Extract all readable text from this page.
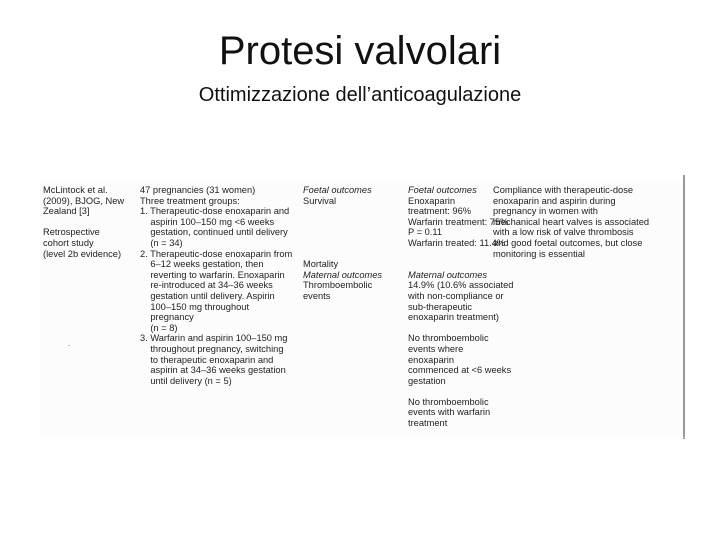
Protesi valvolari
Ottimizzazione dell’anticoagulazione
McLintock et al.
(2009), BJOG, New
Zealand [3]
Retrospective
cohort study
(level 2b evidence)
47 pregnancies (31 women)
Three treatment groups:
1. Therapeutic-dose enoxaparin and
aspirin 100–150 mg <6 weeks
gestation, continued until delivery
(n = 34)
2. Therapeutic-dose enoxaparin from
6–12 weeks gestation, then
reverting to warfarin. Enoxaparin
re-introduced at 34–36 weeks
gestation until delivery. Aspirin
100–150 mg throughout
pregnancy
(n = 8)
3. Warfarin and aspirin 100–150 mg
throughout pregnancy, switching
to therapeutic enoxaparin and
aspirin at 34–36 weeks gestation
until delivery (n = 5)
Foetal outcomes
Survival
Mortality
Maternal outcomes
Thromboembolic
events
Foetal outcomes
Enoxaparin
treatment: 96%
Warfarin treatment: 75%
P = 0.11
Warfarin treated: 11.4%
Maternal outcomes
14.9% (10.6% associated
with non-compliance or
sub-therapeutic
enoxaparin treatment)
No thromboembolic
events where
enoxaparin
commenced at <6 weeks
gestation
No thromboembolic
events with warfarin
treatment
Compliance with therapeutic-dose
enoxaparin and aspirin during
pregnancy in women with
mechanical heart valves is associated
with a low risk of valve thrombosis
and good foetal outcomes, but close
monitoring is essential
